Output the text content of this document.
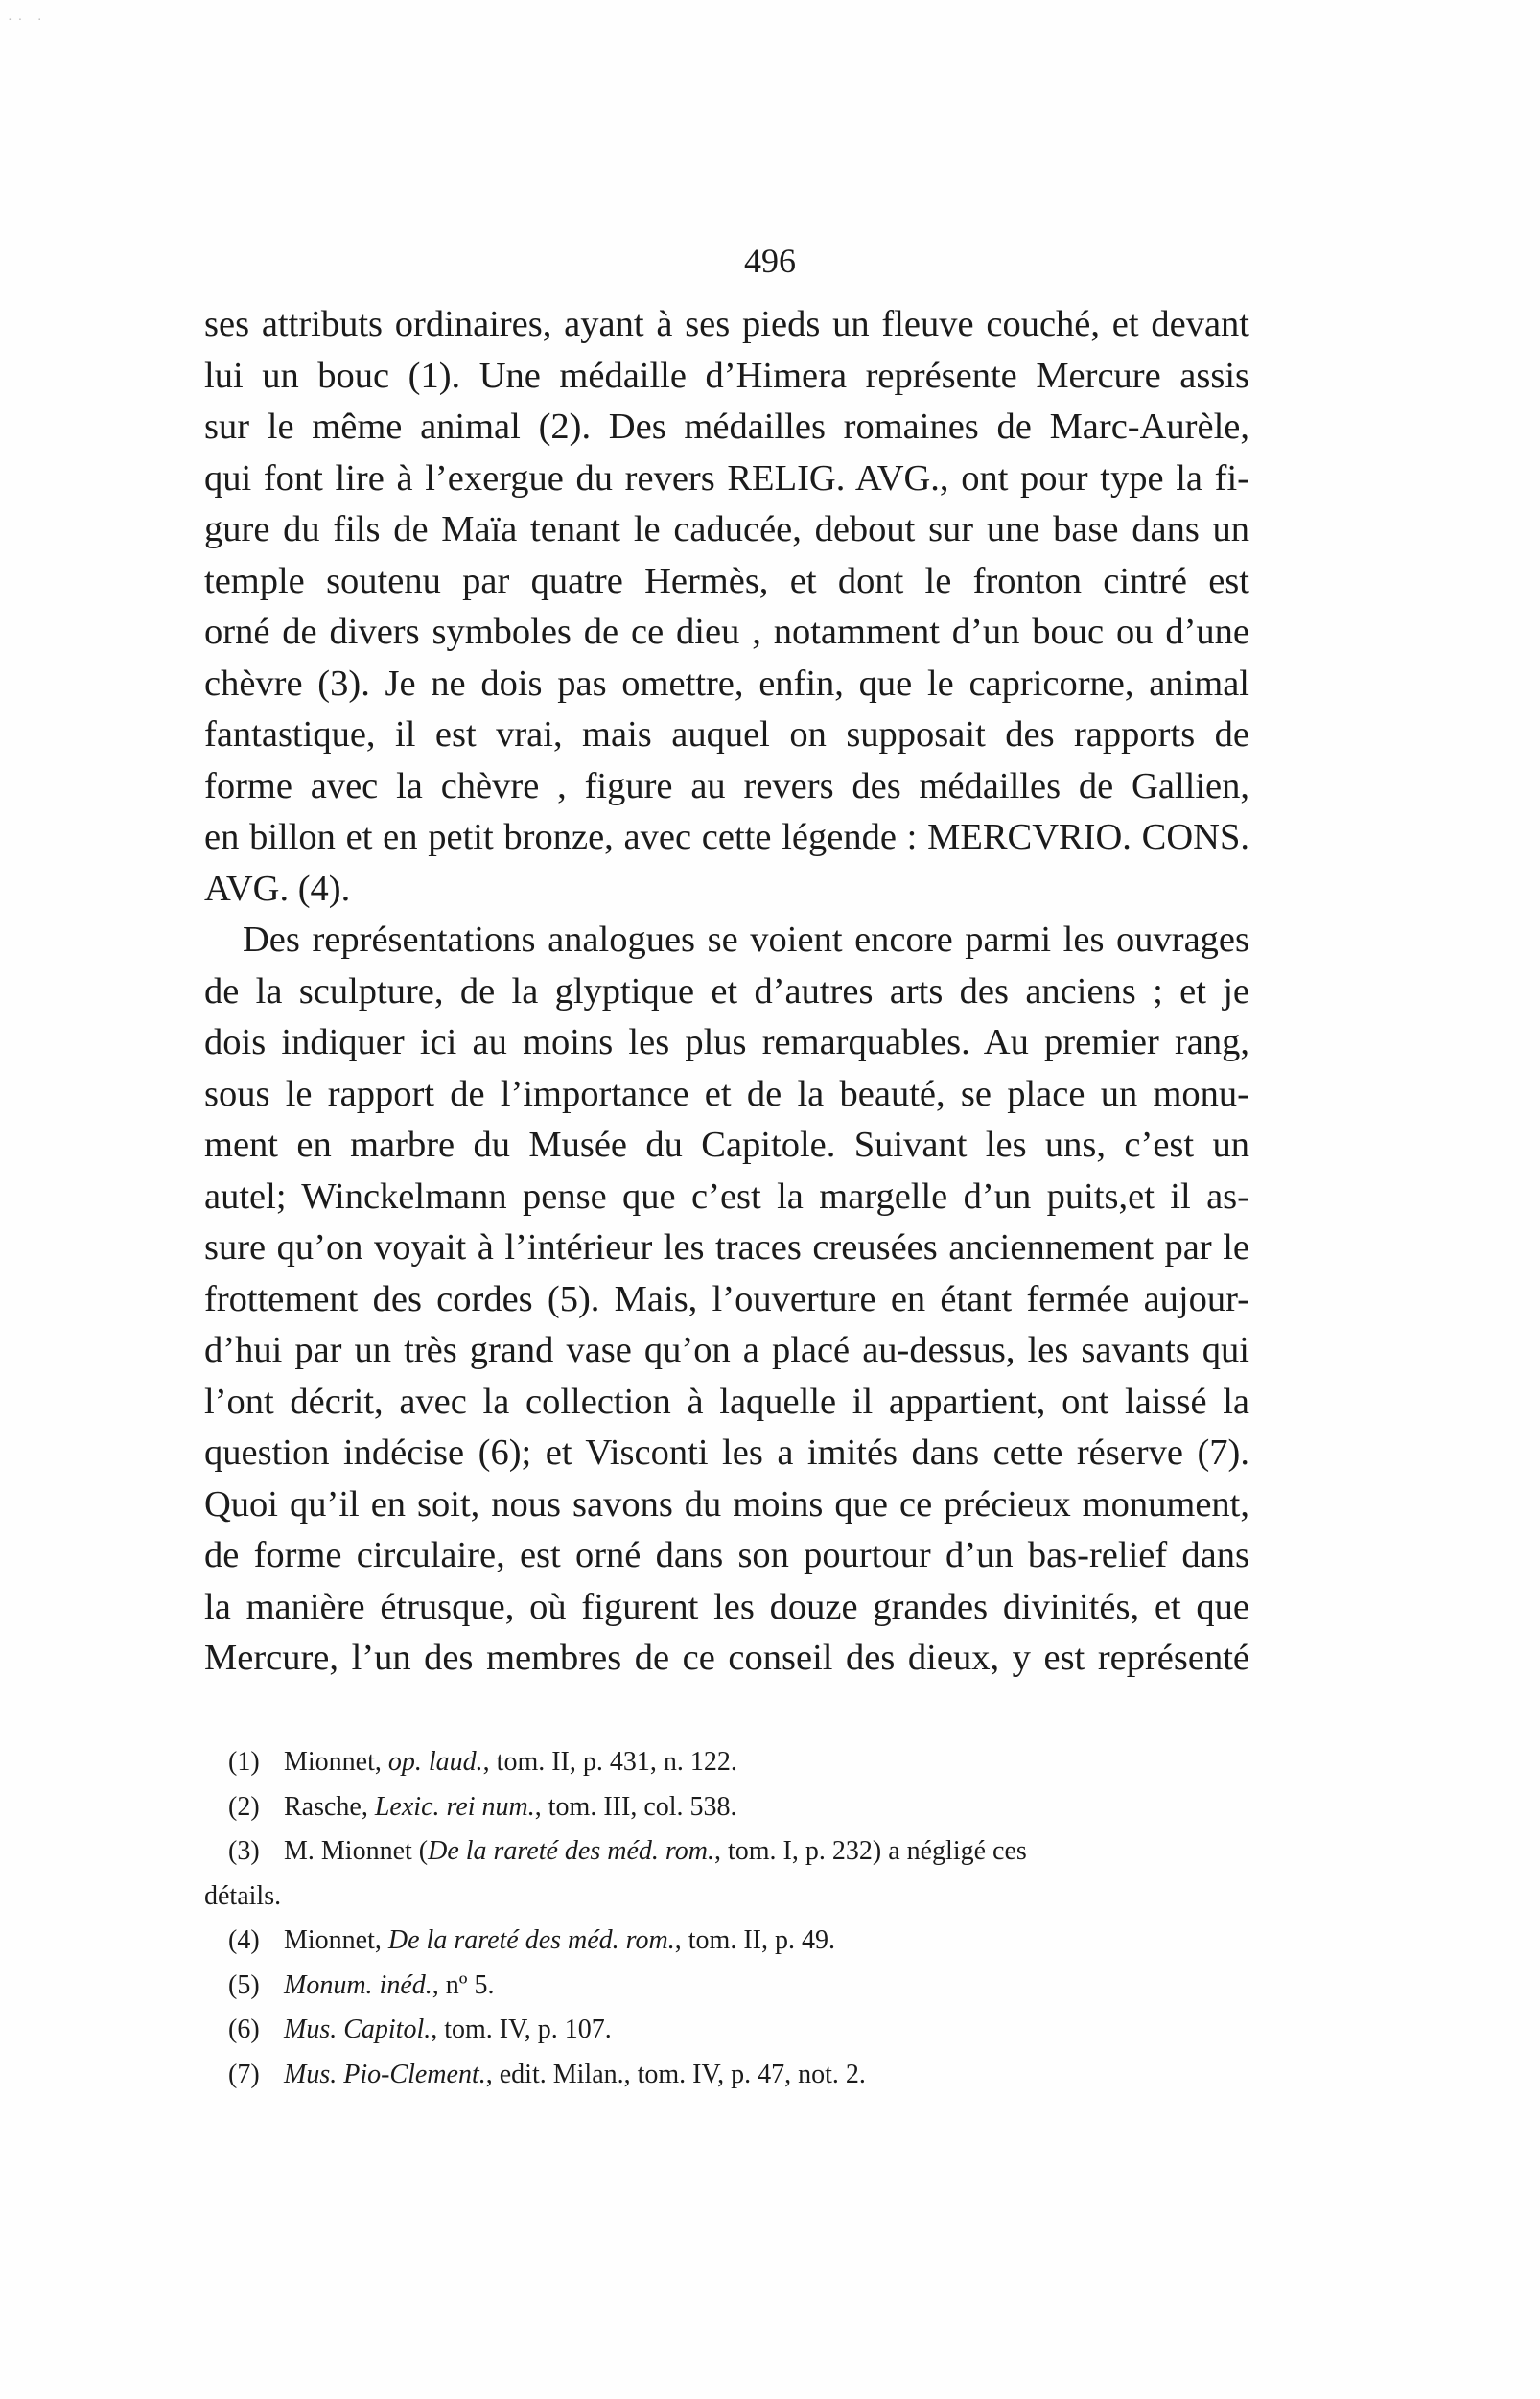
·· ·
496
ses attributs ordinaires, ayant à ses pieds un fleuve couché, et devant
lui un bouc (1). Une médaille d’Himera représente Mercure assis
sur le même animal (2). Des médailles romaines de Marc-Aurèle,
qui font lire à l’exergue du revers RELIG. AVG., ont pour type la fi-
gure du fils de Maïa tenant le caducée, debout sur une base dans un
temple soutenu par quatre Hermès, et dont le fronton cintré est
orné de divers symboles de ce dieu , notamment d’un bouc ou d’une
chèvre (3). Je ne dois pas omettre, enfin, que le capricorne, animal
fantastique, il est vrai, mais auquel on supposait des rapports de
forme avec la chèvre , figure au revers des médailles de Gallien,
en billon et en petit bronze, avec cette légende : MERCVRIO. CONS.
AVG. (4).
Des représentations analogues se voient encore parmi les ouvrages
de la sculpture, de la glyptique et d’autres arts des anciens ; et je
dois indiquer ici au moins les plus remarquables. Au premier rang,
sous le rapport de l’importance et de la beauté, se place un monu-
ment en marbre du Musée du Capitole. Suivant les uns, c’est un
autel; Winckelmann pense que c’est la margelle d’un puits,et il as-
sure qu’on voyait à l’intérieur les traces creusées anciennement par le
frottement des cordes (5). Mais, l’ouverture en étant fermée aujour-
d’hui par un très grand vase qu’on a placé au-dessus, les savants qui
l’ont décrit, avec la collection à laquelle il appartient, ont laissé la
question indécise (6); et Visconti les a imités dans cette réserve (7).
Quoi qu’il en soit, nous savons du moins que ce précieux monument,
de forme circulaire, est orné dans son pourtour d’un bas-relief dans
la manière étrusque, où figurent les douze grandes divinités, et que
Mercure, l’un des membres de ce conseil des dieux, y est représenté
(1) Mionnet, op. laud., tom. II, p. 431, n. 122.
(2) Rasche, Lexic. rei num., tom. III, col. 538.
(3) M. Mionnet (De la rareté des méd. rom., tom. I, p. 232) a négligé ces
détails.
(4) Mionnet, De la rareté des méd. rom., tom. II, p. 49.
(5) Monum. inéd., nº 5.
(6) Mus. Capitol., tom. IV, p. 107.
(7) Mus. Pio-Clement., edit. Milan., tom. IV, p. 47, not. 2.
